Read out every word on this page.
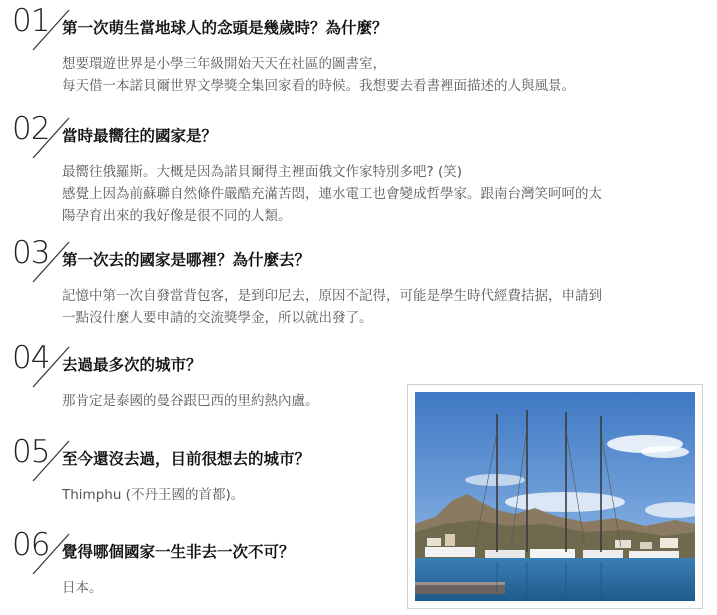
01 第一次萌生當地球人的念頭是幾歲時？為什麼？
想要環遊世界是小學三年級開始天天在社區的圖書室，
每天借一本諾貝爾世界文學獎全集回家看的時候。我想要去看書裡面描述的人與風景。
02 當時最嚮往的國家是？
最嚮往俄羅斯。大概是因為諾貝爾得主裡面俄文作家特別多吧? (笑)
感覺上因為前蘇聯自然條件嚴酷充滿苦悶，連水電工也會變成哲學家。跟南台灣笑呵呵的太
陽孕育出來的我好像是很不同的人類。
03 第一次去的國家是哪裡？為什麼去？
記憶中第一次自發當背包客，是到印尼去，原因不記得，可能是學生時代經費拮据，申請到
一點沒什麼人要申請的交流獎學金，所以就出發了。
04 去過最多次的城市？
那肯定是泰國的曼谷跟巴西的里約熱內盧。
05 至今還沒去過，目前很想去的城市？
Thimphu (不丹王國的首都)。
06 覺得哪個國家一生非去一次不可？
日本。
